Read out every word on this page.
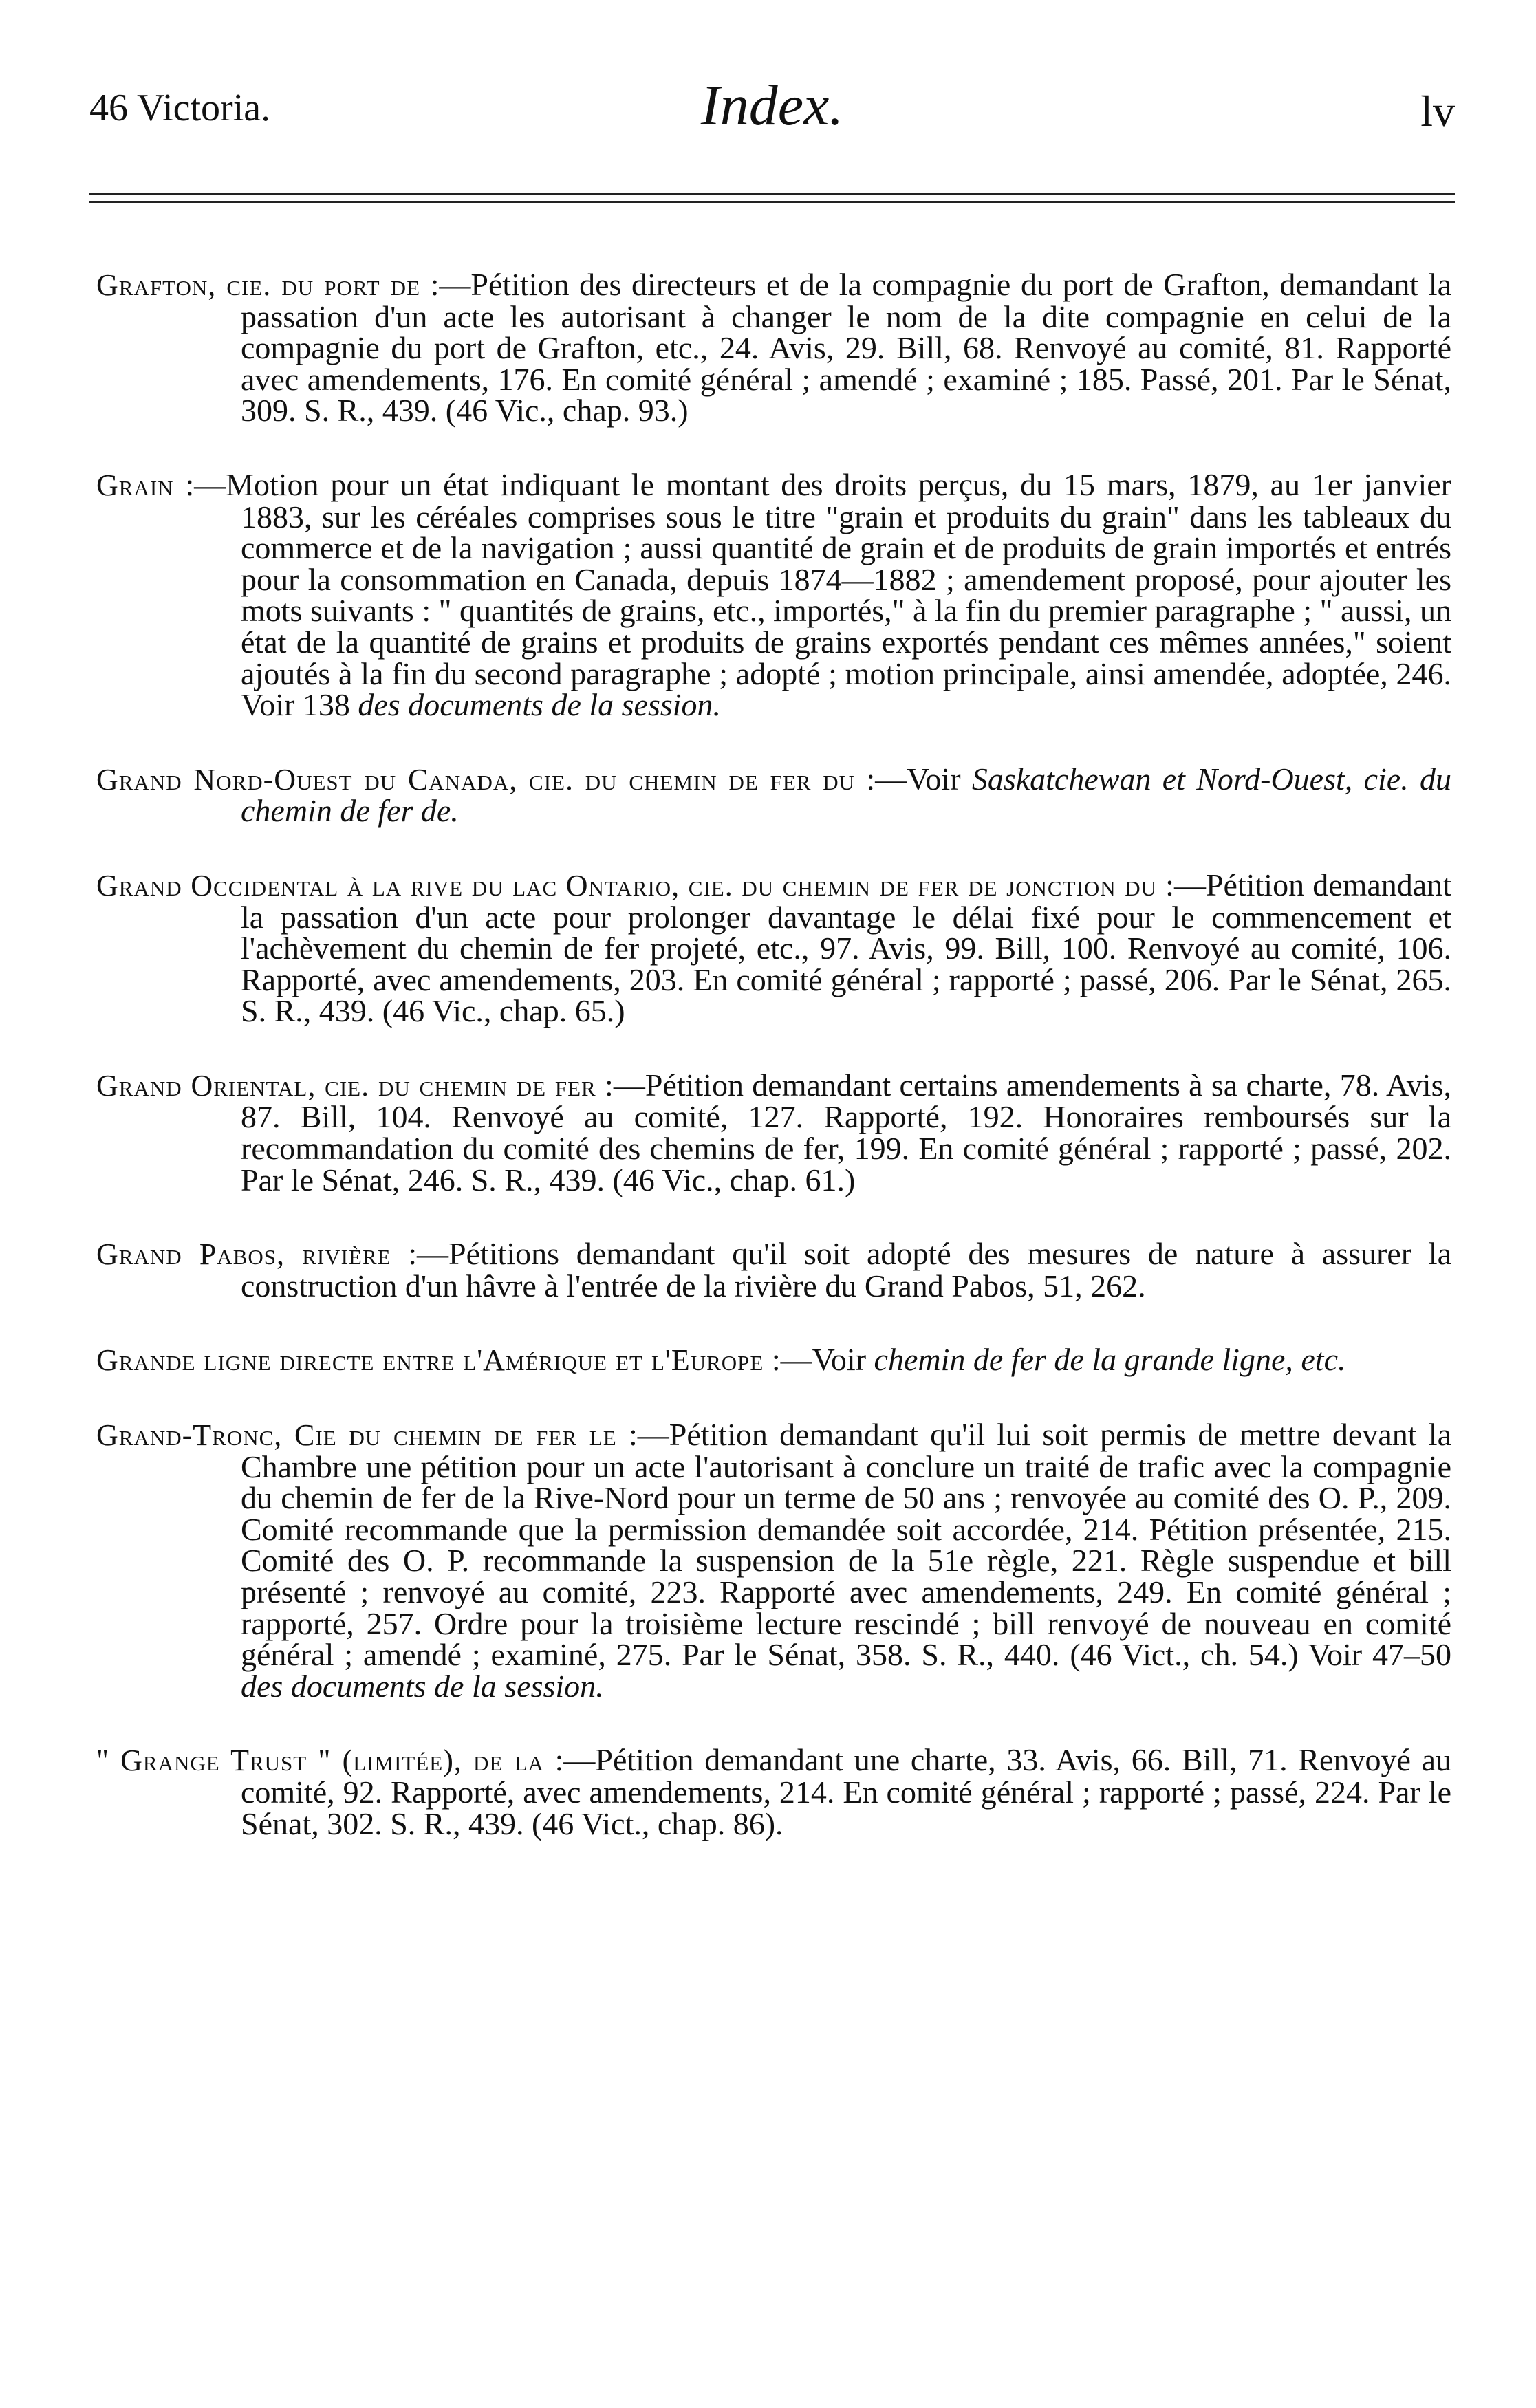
46 Victoria.	Index.	lv

Grafton, cie. du port de :—Pétition des directeurs et de la compagnie du port de Grafton, demandant la passation d'un acte les autorisant à changer le nom de la dite compagnie en celui de la compagnie du port de Grafton, etc., 24. Avis, 29. Bill, 68. Renvoyé au comité, 81. Rapporté avec amendements, 176. En comité général ; amendé ; examiné ; 185. Passé, 201. Par le Sénat, 309. S. R., 439. (46 Vic., chap. 93.)

Grain :—Motion pour un état indiquant le montant des droits perçus, du 15 mars, 1879, au 1er janvier 1883, sur les céréales comprises sous le titre "grain et produits du grain" dans les tableaux du commerce et de la navigation ; aussi quantité de grain et de produits de grain importés et entrés pour la consommation en Canada, depuis 1874—1882 ; amendement proposé, pour ajouter les mots suivants : " quantités de grains, etc., importés," à la fin du premier paragraphe ; " aussi, un état de la quantité de grains et produits de grains exportés pendant ces mêmes années," soient ajoutés à la fin du second paragraphe ; adopté ; motion principale, ainsi amendée, adoptée, 246. Voir 138 des documents de la session.

Grand Nord-Ouest du Canada, cie. du chemin de fer du :—Voir Saskatchewan et Nord-Ouest, cie. du chemin de fer de.

Grand Occidental à la rive du lac Ontario, cie. du chemin de fer de jonction du :—Pétition demandant la passation d'un acte pour prolonger davantage le délai fixé pour le commencement et l'achèvement du chemin de fer projeté, etc., 97. Avis, 99. Bill, 100. Renvoyé au comité, 106. Rapporté, avec amendements, 203. En comité général ; rapporté ; passé, 206. Par le Sénat, 265. S. R., 439. (46 Vic., chap. 65.)

Grand Oriental, cie. du chemin de fer :—Pétition demandant certains amendements à sa charte, 78. Avis, 87. Bill, 104. Renvoyé au comité, 127. Rapporté, 192. Honoraires remboursés sur la recommandation du comité des chemins de fer, 199. En comité général ; rapporté ; passé, 202. Par le Sénat, 246. S. R., 439. (46 Vic., chap. 61.)

Grand Pabos, rivière :—Pétitions demandant qu'il soit adopté des mesures de nature à assurer la construction d'un hâvre à l'entrée de la rivière du Grand Pabos, 51, 262.

Grande ligne directe entre l'Amérique et l'Europe :—Voir chemin de fer de la grande ligne, etc.

Grand-Tronc, Cie du chemin de fer le :—Pétition demandant qu'il lui soit permis de mettre devant la Chambre une pétition pour un acte l'autorisant à conclure un traité de trafic avec la compagnie du chemin de fer de la Rive-Nord pour un terme de 50 ans ; renvoyée au comité des O. P., 209. Comité recommande que la permission demandée soit accordée, 214. Pétition présentée, 215. Comité des O. P. recommande la suspension de la 51e règle, 221. Règle suspendue et bill présenté ; renvoyé au comité, 223. Rapporté avec amendements, 249. En comité général ; rapporté, 257. Ordre pour la troisième lecture rescindé ; bill renvoyé de nouveau en comité général ; amendé ; examiné, 275. Par le Sénat, 358. S. R., 440. (46 Vict., ch. 54.) Voir 47–50 des documents de la session.

" Grange Trust " (limitée), de la :—Pétition demandant une charte, 33. Avis, 66. Bill, 71. Renvoyé au comité, 92. Rapporté, avec amendements, 214. En comité général ; rapporté ; passé, 224. Par le Sénat, 302. S. R., 439. (46 Vict., chap. 86).
